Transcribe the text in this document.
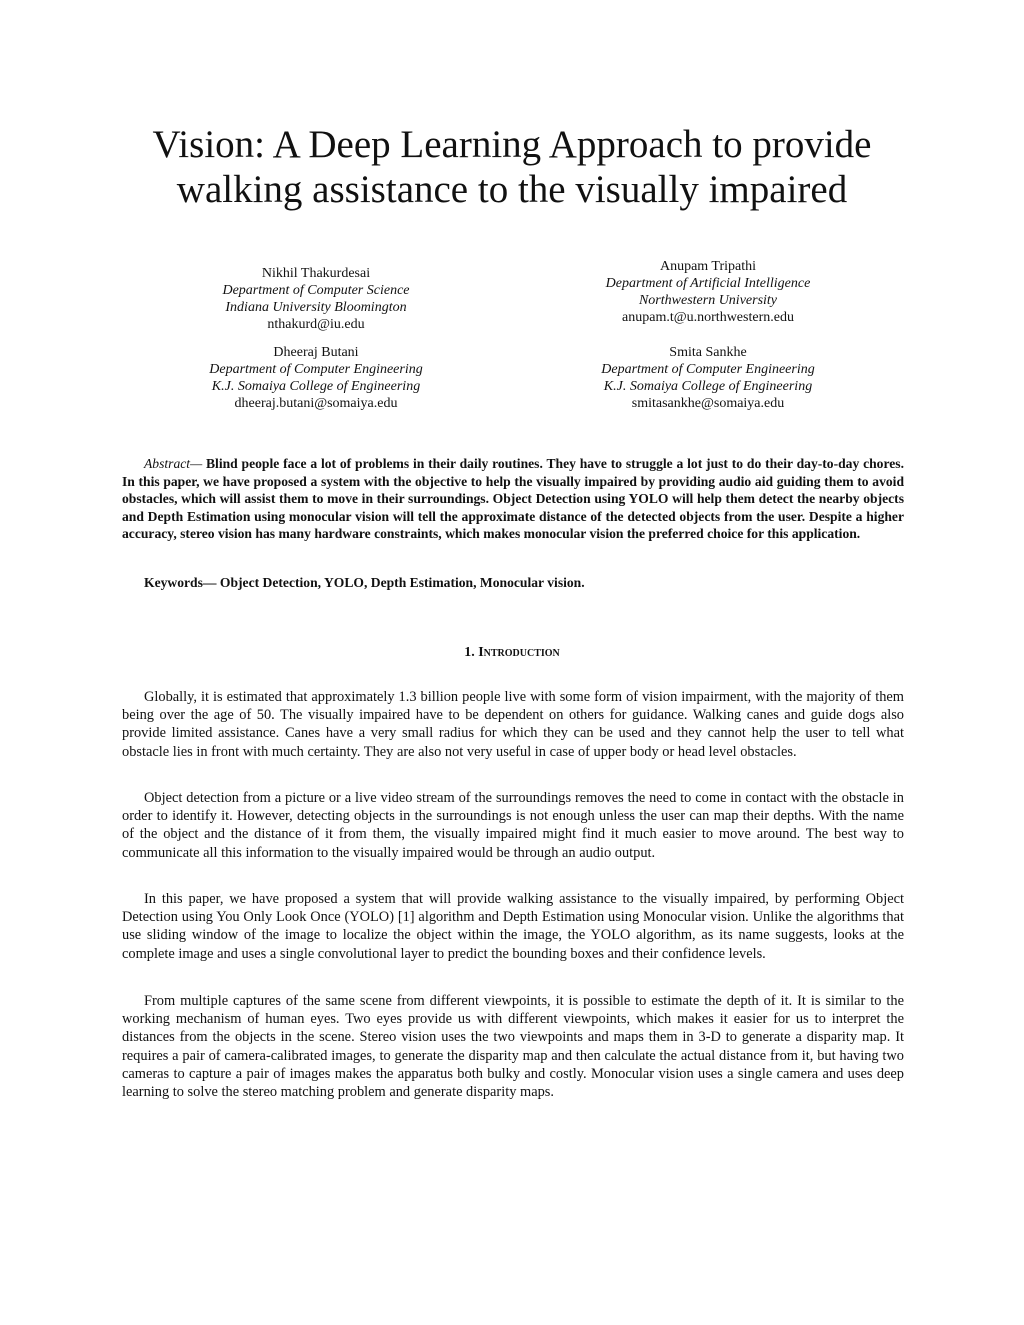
Vision: A Deep Learning Approach to provide
walking assistance to the visually impaired
Nikhil Thakurdesai
Department of Computer Science
Indiana University Bloomington
nthakurd@iu.edu
Anupam Tripathi
Department of Artificial Intelligence
Northwestern University
anupam.t@u.northwestern.edu
Dheeraj Butani
Department of Computer Engineering
K.J. Somaiya College of Engineering
dheeraj.butani@somaiya.edu
Smita Sankhe
Department of Computer Engineering
K.J. Somaiya College of Engineering
smitasankhe@somaiya.edu

Abstract— Blind people face a lot of problems in their daily routines. They have to struggle a lot just to do their day-to-day chores. In this paper, we have proposed a system with the objective to help the visually impaired by providing audio aid guiding them to avoid obstacles, which will assist them to move in their surroundings. Object Detection using YOLO will help them detect the nearby objects and Depth Estimation using monocular vision will tell the approximate distance of the detected objects from the user. Despite a higher accuracy, stereo vision has many hardware constraints, which makes monocular vision the preferred choice for this application.

Keywords— Object Detection, YOLO, Depth Estimation, Monocular vision.

1. Introduction

Globally, it is estimated that approximately 1.3 billion people live with some form of vision impairment, with the majority of them being over the age of 50. The visually impaired have to be dependent on others for guidance. Walking canes and guide dogs also provide limited assistance. Canes have a very small radius for which they can be used and they cannot help the user to tell what obstacle lies in front with much certainty. They are also not very useful in case of upper body or head level obstacles.

Object detection from a picture or a live video stream of the surroundings removes the need to come in contact with the obstacle in order to identify it. However, detecting objects in the surroundings is not enough unless the user can map their depths. With the name of the object and the distance of it from them, the visually impaired might find it much easier to move around. The best way to communicate all this information to the visually impaired would be through an audio output.

In this paper, we have proposed a system that will provide walking assistance to the visually impaired, by performing Object Detection using You Only Look Once (YOLO) [1] algorithm and Depth Estimation using Monocular vision. Unlike the algorithms that use sliding window of the image to localize the object within the image, the YOLO algorithm, as its name suggests, looks at the complete image and uses a single convolutional layer to predict the bounding boxes and their confidence levels.

From multiple captures of the same scene from different viewpoints, it is possible to estimate the depth of it. It is similar to the working mechanism of human eyes. Two eyes provide us with different viewpoints, which makes it easier for us to interpret the distances from the objects in the scene. Stereo vision uses the two viewpoints and maps them in 3-D to generate a disparity map. It requires a pair of camera-calibrated images, to generate the disparity map and then calculate the actual distance from it, but having two cameras to capture a pair of images makes the apparatus both bulky and costly. Monocular vision uses a single camera and uses deep learning to solve the stereo matching problem and generate disparity maps.
